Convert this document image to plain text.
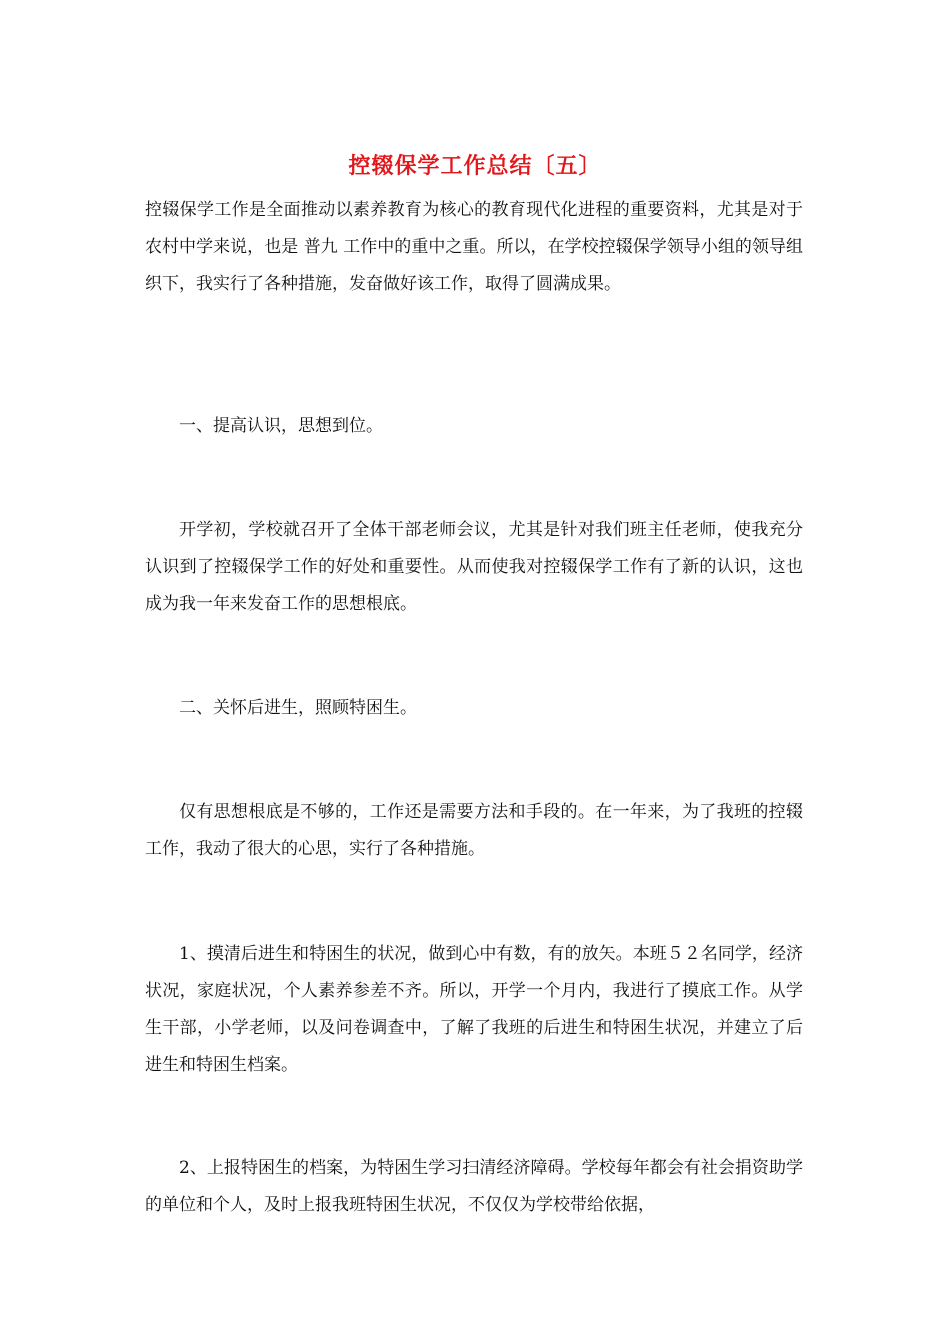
控辍保学工作总结〔五〕

控辍保学工作是全面推动以素养教育为核心的教育现代化进程的重要资料，尤其是对于农村中学来说，也是 普九 工作中的重中之重。所以，在学校控辍保学领导小组的领导组织下，我实行了各种措施，发奋做好该工作，取得了圆满成果。

一、提高认识，思想到位。

开学初，学校就召开了全体干部老师会议，尤其是针对我们班主任老师，使我充分认识到了控辍保学工作的好处和重要性。从而使我对控辍保学工作有了新的认识，这也成为我一年来发奋工作的思想根底。

二、关怀后进生，照顾特困生。

仅有思想根底是不够的，工作还是需要方法和手段的。在一年来，为了我班的控辍工作，我动了很大的心思，实行了各种措施。

1、摸清后进生和特困生的状况，做到心中有数，有的放矢。本班５２名同学，经济状况，家庭状况，个人素养参差不齐。所以，开学一个月内，我进行了摸底工作。从学生干部，小学老师，以及问卷调查中，了解了我班的后进生和特困生状况，并建立了后进生和特困生档案。

2、上报特困生的档案，为特困生学习扫清经济障碍。学校每年都会有社会捐资助学的单位和个人，及时上报我班特困生状况，不仅仅为学校带给依据，
